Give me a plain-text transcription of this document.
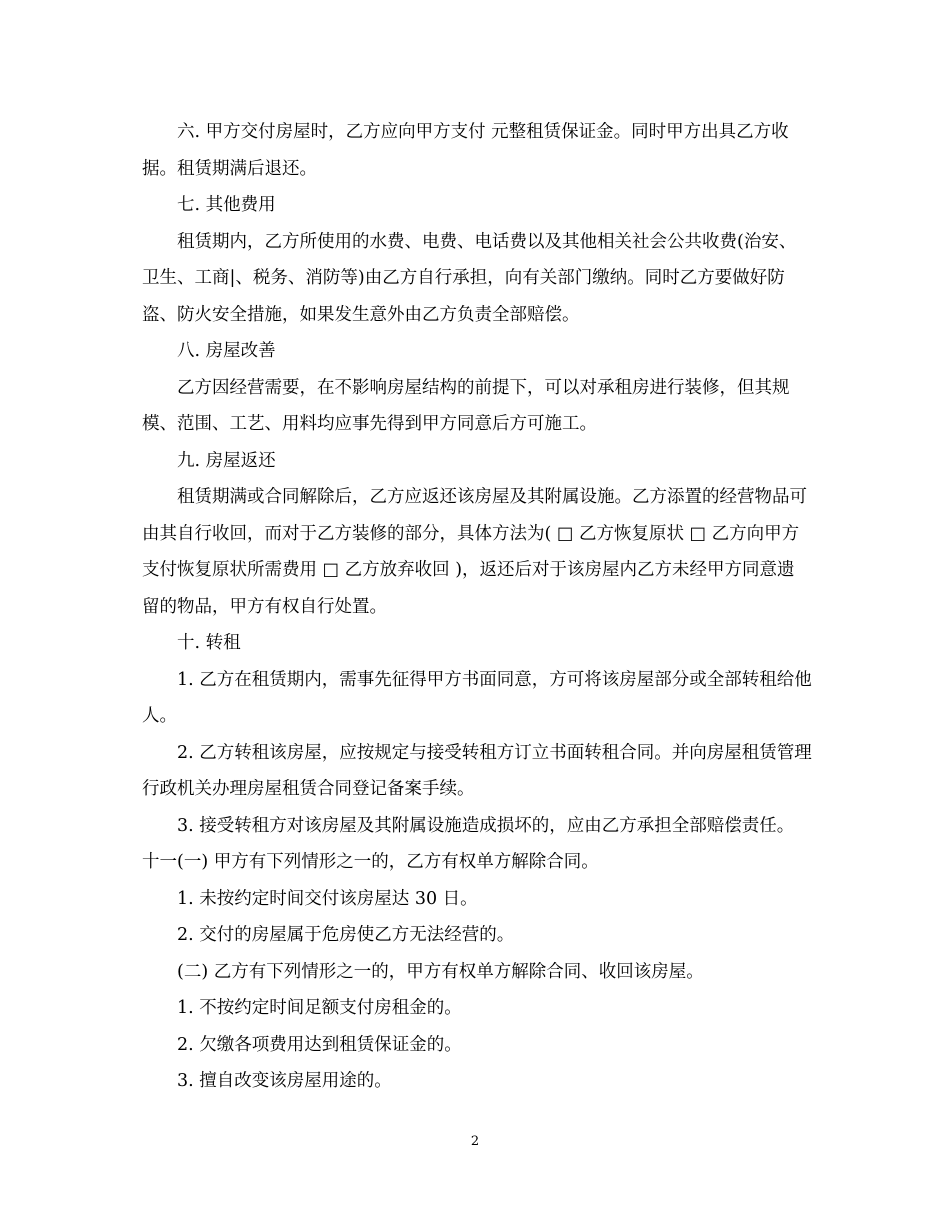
六. 甲方交付房屋时，乙方应向甲方支付 元整租赁保证金。同时甲方出具乙方收据。租赁期满后退还。

七. 其他费用

租赁期内，乙方所使用的水费、电费、电话费以及其他相关社会公共收费(治安、卫生、工商|、税务、消防等)由乙方自行承担，向有关部门缴纳。同时乙方要做好防盗、防火安全措施，如果发生意外由乙方负责全部赔偿。

八. 房屋改善

乙方因经营需要，在不影响房屋结构的前提下，可以对承租房进行装修，但其规模、范围、工艺、用料均应事先得到甲方同意后方可施工。

九. 房屋返还

租赁期满或合同解除后，乙方应返还该房屋及其附属设施。乙方添置的经营物品可由其自行收回，而对于乙方装修的部分，具体方法为( □ 乙方恢复原状 □ 乙方向甲方支付恢复原状所需费用 □ 乙方放弃收回 )，返还后对于该房屋内乙方未经甲方同意遗留的物品，甲方有权自行处置。

十. 转租

1. 乙方在租赁期内，需事先征得甲方书面同意，方可将该房屋部分或全部转租给他人。

2. 乙方转租该房屋，应按规定与接受转租方订立书面转租合同。并向房屋租赁管理行政机关办理房屋租赁合同登记备案手续。

3. 接受转租方对该房屋及其附属设施造成损坏的，应由乙方承担全部赔偿责任。 十一(一) 甲方有下列情形之一的，乙方有权单方解除合同。

1. 未按约定时间交付该房屋达 30 日。

2. 交付的房屋属于危房使乙方无法经营的。

(二) 乙方有下列情形之一的，甲方有权单方解除合同、收回该房屋。

1. 不按约定时间足额支付房租金的。

2. 欠缴各项费用达到租赁保证金的。

3. 擅自改变该房屋用途的。

2
